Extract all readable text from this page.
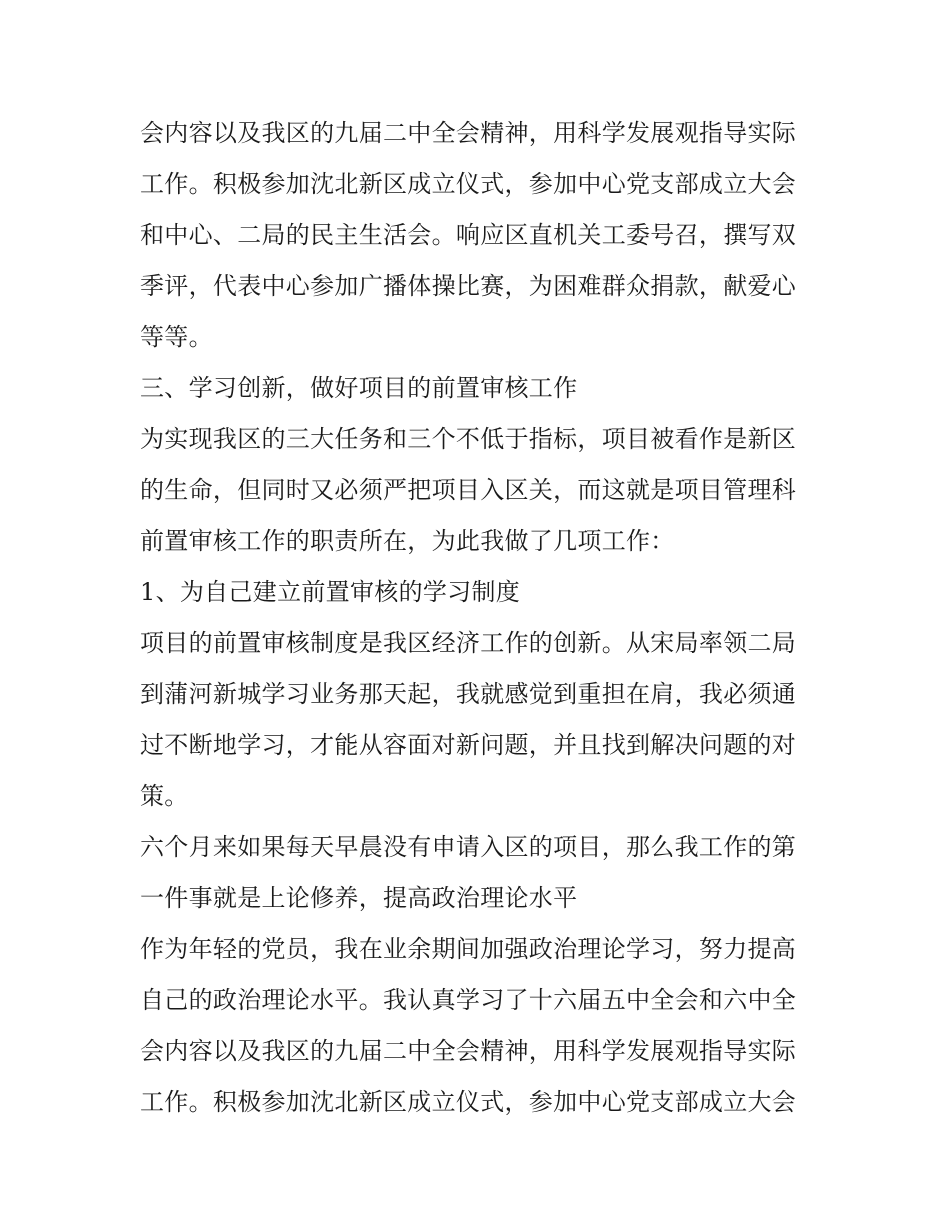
会内容以及我区的九届二中全会精神，用科学发展观指导实际
工作。积极参加沈北新区成立仪式，参加中心党支部成立大会
和中心、二局的民主生活会。响应区直机关工委号召，撰写双
季评，代表中心参加广播体操比赛，为困难群众捐款，献爱心
等等。
三、学习创新，做好项目的前置审核工作
为实现我区的三大任务和三个不低于指标，项目被看作是新区
的生命，但同时又必须严把项目入区关，而这就是项目管理科
前置审核工作的职责所在，为此我做了几项工作：
1、为自己建立前置审核的学习制度
项目的前置审核制度是我区经济工作的创新。从宋局率领二局
到蒲河新城学习业务那天起，我就感觉到重担在肩，我必须通
过不断地学习，才能从容面对新问题，并且找到解决问题的对
策。
六个月来如果每天早晨没有申请入区的项目，那么我工作的第
一件事就是上论修养，提高政治理论水平
作为年轻的党员，我在业余期间加强政治理论学习，努力提高
自己的政治理论水平。我认真学习了十六届五中全会和六中全
会内容以及我区的九届二中全会精神，用科学发展观指导实际
工作。积极参加沈北新区成立仪式，参加中心党支部成立大会
